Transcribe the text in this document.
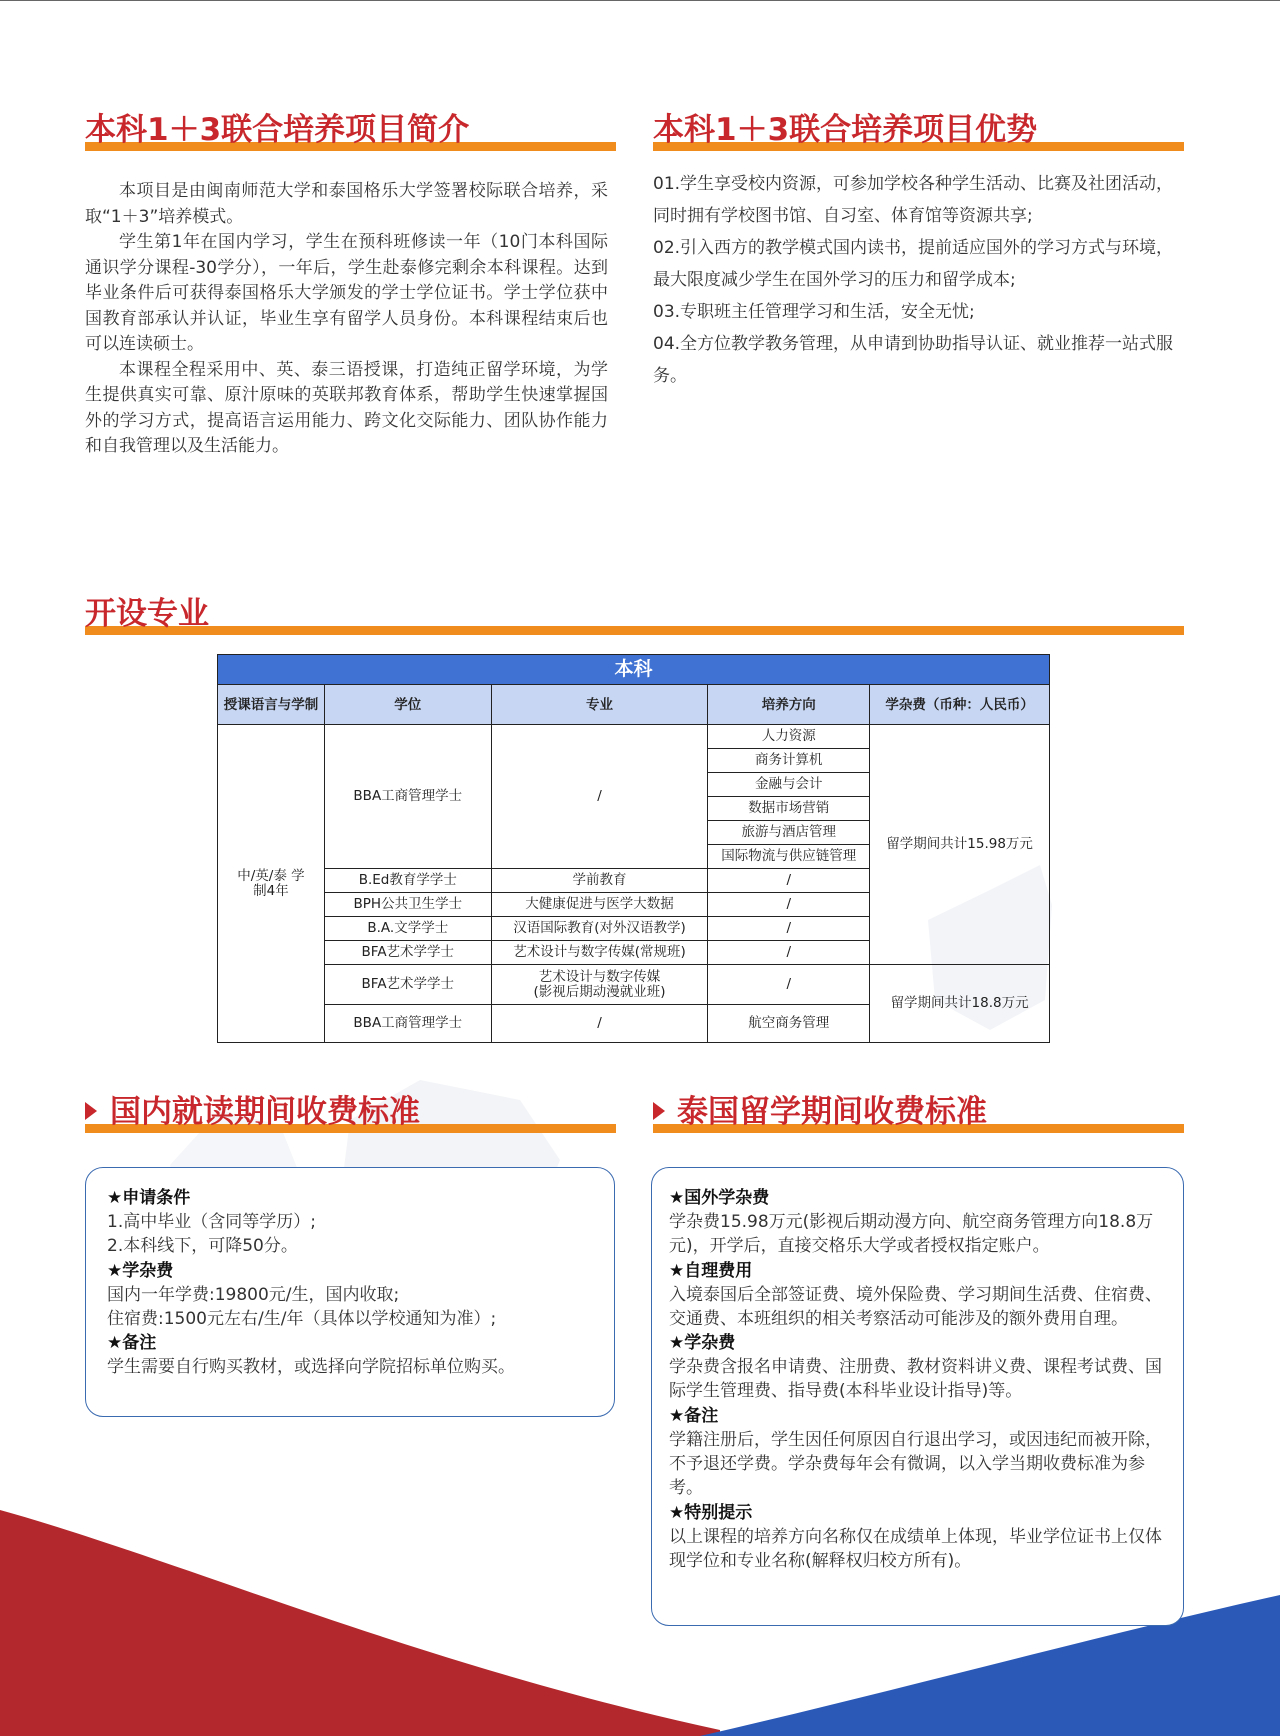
本科1＋3联合培养项目简介

本项目是由闽南师范大学和泰国格乐大学签署校际联合培养，采取“1＋3”培养模式。

学生第1年在国内学习，学生在预科班修读一年（10门本科国际通识学分课程-30学分），一年后，学生赴泰修完剩余本科课程。达到毕业条件后可获得泰国格乐大学颁发的学士学位证书。学士学位获中国教育部承认并认证，毕业生享有留学人员身份。本科课程结束后也可以连读硕士。

本课程全程采用中、英、泰三语授课，打造纯正留学环境，为学生提供真实可靠、原汁原味的英联邦教育体系，帮助学生快速掌握国外的学习方式，提高语言运用能力、跨文化交际能力、团队协作能力和自我管理以及生活能力。

本科1＋3联合培养项目优势

01.学生享受校内资源，可参加学校各种学生活动、比赛及社团活动，同时拥有学校图书馆、自习室、体育馆等资源共享;

02.引入西方的教学模式国内读书，提前适应国外的学习方式与环境，最大限度减少学生在国外学习的压力和留学成本;

03.专职班主任管理学习和生活，安全无忧;

04.全方位教学教务管理，从申请到协助指导认证、就业推荐一站式服务。

开设专业
本科				
授课语言与学制	学位	专业	培养方向	学杂费（币种：人民币）
中/英/泰 学制4年	BBA工商管理学士	/	人力资源	留学期间共计15.98万元
			商务计算机	
			金融与会计	
			数据市场营销	
			旅游与酒店管理	
			国际物流与供应链管理	
	B.Ed教育学学士	学前教育	/	
	BPH公共卫生学士	大健康促进与医学大数据	/	
	B.A.文学学士	汉语国际教育(对外汉语教学)	/	
	BFA艺术学学士	艺术设计与数字传媒(常规班)	/	
	BFA艺术学学士	艺术设计与数字传媒
(影视后期动漫就业班)	/	留学期间共计18.8万元
	BBA工商管理学士	/	航空商务管理	
国内就读期间收费标准
★申请条件

1.高中毕业（含同等学历）;

2.本科线下，可降50分。

★学杂费

国内一年学费:19800元/生，国内收取;

住宿费:1500元左右/生/年（具体以学校通知为准）;

★备注

学生需要自行购买教材，或选择向学院招标单位购买。

泰国留学期间收费标准
★国外学杂费

学杂费15.98万元(影视后期动漫方向、航空商务管理方向18.8万元)，开学后，直接交格乐大学或者授权指定账户。

★自理费用

入境泰国后全部签证费、境外保险费、学习期间生活费、住宿费、交通费、本班组织的相关考察活动可能涉及的额外费用自理。

★学杂费

学杂费含报名申请费、注册费、教材资料讲义费、课程考试费、国际学生管理费、指导费(本科毕业设计指导)等。

★备注

学籍注册后，学生因任何原因自行退出学习，或因违纪而被开除，不予退还学费。学杂费每年会有微调，以入学当期收费标准为参考。

★特别提示

以上课程的培养方向名称仅在成绩单上体现，毕业学位证书上仅体现学位和专业名称(解释权归校方所有)。
